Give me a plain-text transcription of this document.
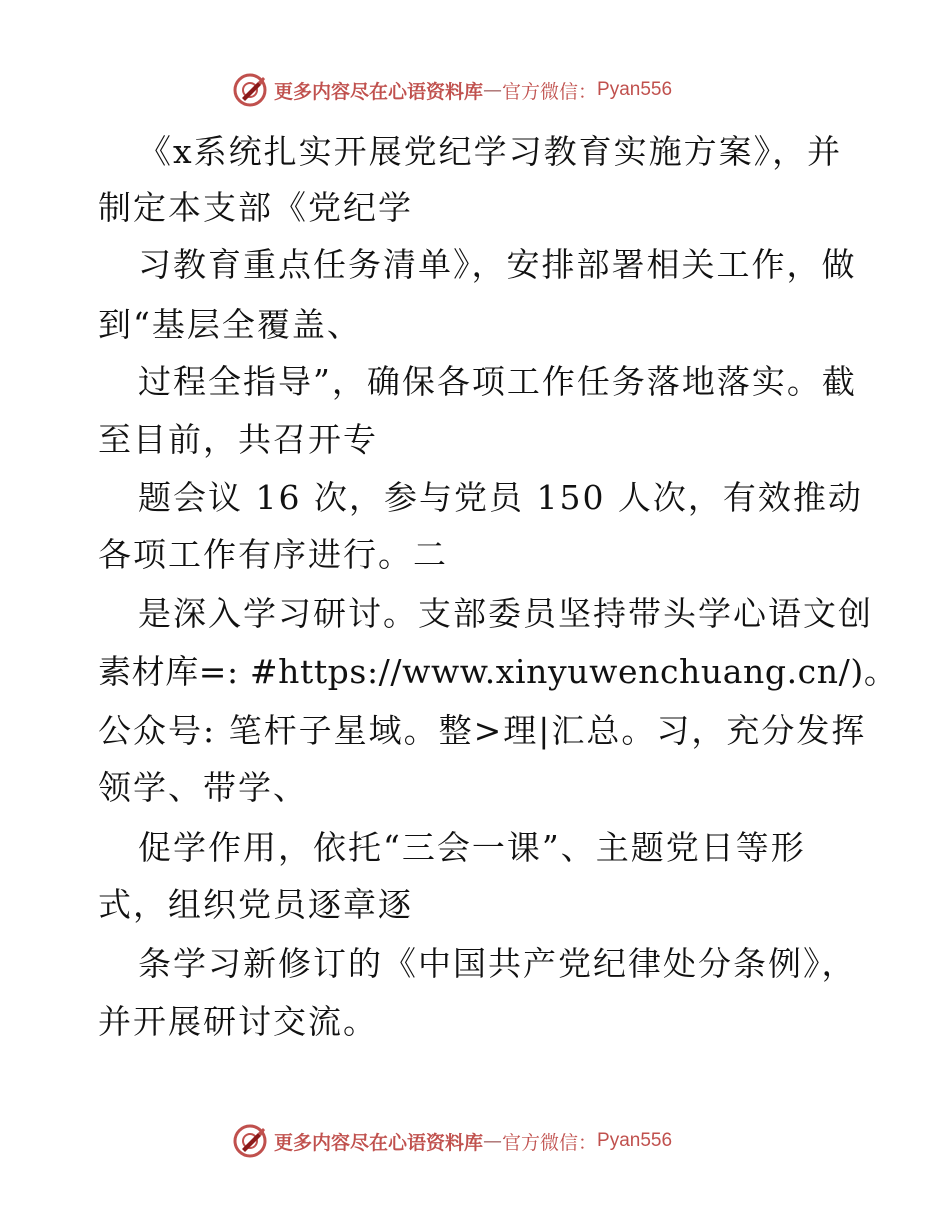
更多内容尽在心语资料库 — 官方微信： Pyan556
《x系统扎实开展党纪学习教育实施方案》，并
制定本支部《党纪学
习教育重点任务清单》，安排部署相关工作，做
到“基层全覆盖、
过程全指导”，确保各项工作任务落地落实。截
至目前，共召开专
题会议 16 次，参与党员 150 人次，有效推动
各项工作有序进行。二
是深入学习研讨。支部委员坚持带头学心语文创
素材库=: #https://www.xinyuwenchuang.cn/)。
公众号: 笔杆子星域。整>理|汇总。习，充分发挥
领学、带学、
促学作用，依托“三会一课”、主题党日等形
式，组织党员逐章逐
条学习新修订的《中国共产党纪律处分条例》，
并开展研讨交流。
更多内容尽在心语资料库 — 官方微信： Pyan556
